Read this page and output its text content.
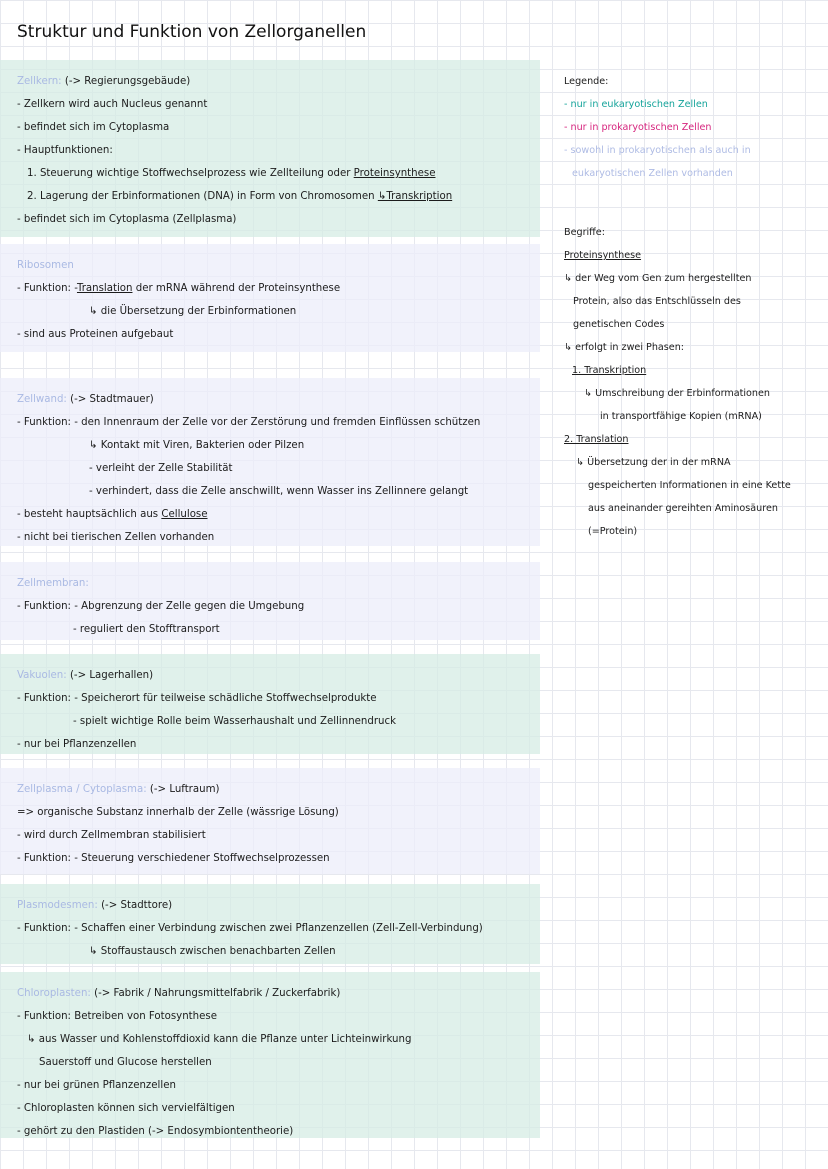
Struktur und Funktion von Zellorganellen
Zellkern: (-> Regierungsgebäude)
- Zellkern wird auch Nucleus genannt
- befindet sich im Cytoplasma
- Hauptfunktionen:
1. Steuerung wichtige Stoffwechselprozess wie Zellteilung oder Proteinsynthese
2. Lagerung der Erbinformationen (DNA) in Form von Chromosomen ↳Transkription
- befindet sich im Cytoplasma (Zellplasma)
Ribosomen
- Funktion: -Translation der mRNA während der Proteinsynthese
↳ die Übersetzung der Erbinformationen
- sind aus Proteinen aufgebaut
Zellwand: (-> Stadtmauer)
- Funktion: - den Innenraum der Zelle vor der Zerstörung und fremden Einflüssen schützen
↳ Kontakt mit Viren, Bakterien oder Pilzen
- verleiht der Zelle Stabilität
- verhindert, dass die Zelle anschwillt, wenn Wasser ins Zellinnere gelangt
- besteht hauptsächlich aus Cellulose
- nicht bei tierischen Zellen vorhanden
Zellmembran:
- Funktion: - Abgrenzung der Zelle gegen die Umgebung
- reguliert den Stofftransport
Vakuolen: (-> Lagerhallen)
- Funktion: - Speicherort für teilweise schädliche Stoffwechselprodukte
- spielt wichtige Rolle beim Wasserhaushalt und Zellinnendruck
- nur bei Pflanzenzellen
Zellplasma / Cytoplasma: (-> Luftraum)
=> organische Substanz innerhalb der Zelle (wässrige Lösung)
- wird durch Zellmembran stabilisiert
- Funktion: - Steuerung verschiedener Stoffwechselprozessen
Plasmodesmen: (-> Stadttore)
- Funktion: - Schaffen einer Verbindung zwischen zwei Pflanzenzellen (Zell-Zell-Verbindung)
↳ Stoffaustausch zwischen benachbarten Zellen
Chloroplasten: (-> Fabrik / Nahrungsmittelfabrik / Zuckerfabrik)
- Funktion: Betreiben von Fotosynthese
↳ aus Wasser und Kohlenstoffdioxid kann die Pflanze unter Lichteinwirkung
Sauerstoff und Glucose herstellen
- nur bei grünen Pflanzenzellen
- Chloroplasten können sich vervielfältigen
- gehört zu den Plastiden (-> Endosymbiontentheorie)
Legende:
- nur in eukaryotischen Zellen
- nur in prokaryotischen Zellen
- sowohl in prokaryotischen als auch in
eukaryotischen Zellen vorhanden
Begriffe:
Proteinsynthese
↳ der Weg vom Gen zum hergestellten
Protein, also das Entschlüsseln des
genetischen Codes
↳ erfolgt in zwei Phasen:
1. Transkription
↳ Umschreibung der Erbinformationen
in transportfähige Kopien (mRNA)
2. Translation
↳ Übersetzung der in der mRNA
gespeicherten Informationen in eine Kette
aus aneinander gereihten Aminosäuren
(=Protein)
